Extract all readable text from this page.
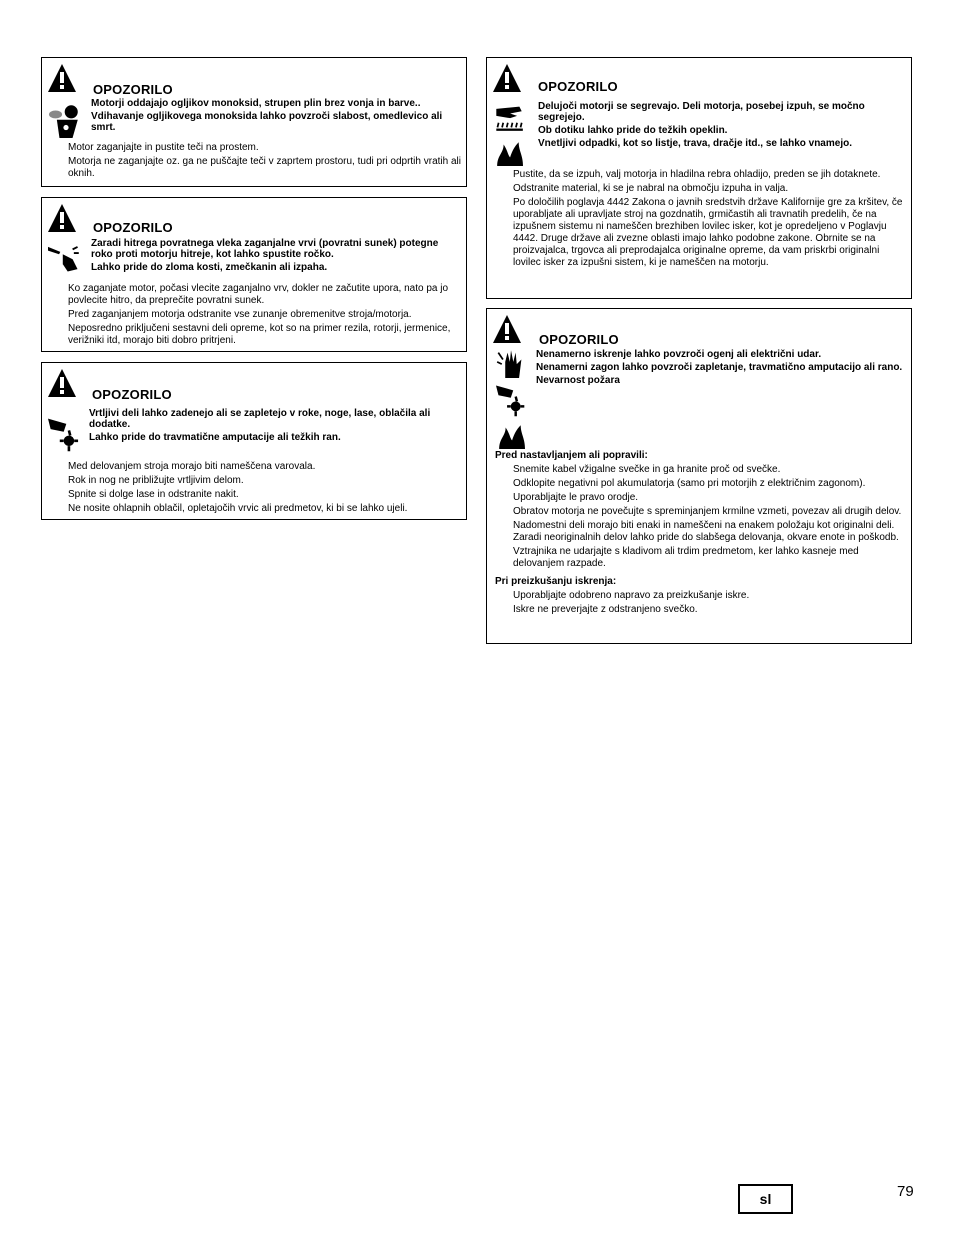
OPOZORILO

Motorji oddajajo ogljikov monoksid, strupen plin brez vonja in barve..

Vdihavanje ogljikovega monoksida lahko povzroči slabost, omedlevico ali smrt.

Motor zaganjajte in pustite teči na prostem.

Motorja ne zaganjajte oz. ga ne puščajte teči v zaprtem prostoru, tudi pri odprtih vratih ali oknih.

OPOZORILO

Zaradi hitrega povratnega vleka zaganjalne vrvi (povratni sunek) potegne roko proti motorju hitreje, kot lahko spustite ročko.

Lahko pride do zloma kosti, zmečkanin ali izpaha.

Ko zaganjate motor, počasi vlecite zaganjalno vrv, dokler ne začutite upora, nato pa jo povlecite hitro, da preprečite povratni sunek.

Pred zaganjanjem motorja odstranite vse zunanje obremenitve stroja/motorja.

Neposredno priključeni sestavni deli opreme, kot so na primer rezila, rotorji, jermenice, verižniki itd, morajo biti dobro pritrjeni.

OPOZORILO

Vrtljivi deli lahko zadenejo ali se zapletejo v roke, noge, lase, oblačila ali dodatke.

Lahko pride do travmatične amputacije ali težkih ran.

Med delovanjem stroja morajo biti nameščena varovala.

Rok in nog ne približujte vrtljivim delom.

Spnite si dolge lase in odstranite nakit.

Ne nosite ohlapnih oblačil, opletajočih vrvic ali predmetov, ki bi se lahko ujeli.

OPOZORILO

Delujoči motorji se segrevajo. Deli motorja, posebej izpuh, se močno segrejejo.

Ob dotiku lahko pride do težkih opeklin.

Vnetljivi odpadki, kot so listje, trava, dračje itd., se lahko vnamejo.

Pustite, da se izpuh, valj motorja in hladilna rebra ohladijo, preden se jih dotaknete.

Odstranite material, ki se je nabral na območju izpuha in valja.

Po določilih poglavja 4442 Zakona o javnih sredstvih države Kalifornije gre za kršitev, če uporabljate ali upravljate stroj na gozdnatih, grmičastih ali travnatih predelih, če na izpušnem sistemu ni nameščen brezhiben lovilec isker, kot je opredeljeno v Poglavju 4442. Druge države ali zvezne oblasti imajo lahko podobne zakone. Obrnite se na proizvajalca, trgovca ali preprodajalca originalne opreme, da vam priskrbi originalni lovilec isker za izpušni sistem, ki je nameščen na motorju.

OPOZORILO

Nenamerno iskrenje lahko povzroči ogenj ali električni udar.

Nenamerni zagon lahko povzroči zapletanje, travmatično amputacijo ali rano.

Nevarnost požara

Pred nastavljanjem ali popravili:

Snemite kabel vžigalne svečke in ga hranite proč od svečke.

Odklopite negativni pol akumulatorja (samo pri motorjih z električnim zagonom).

Uporabljajte le pravo orodje.

Obratov motorja ne povečujte s spreminjanjem krmilne vzmeti, povezav ali drugih delov.

Nadomestni deli morajo biti enaki in nameščeni na enakem položaju kot originalni deli. Zaradi neoriginalnih delov lahko pride do slabšega delovanja, okvare enote in poškodb.

Vztrajnika ne udarjajte s kladivom ali trdim predmetom, ker lahko kasneje med delovanjem razpade.

Pri preizkušanju iskrenja:

Uporabljajte odobreno napravo za preizkušanje iskre.

Iskre ne preverjajte z odstranjeno svečko.

sl	79
